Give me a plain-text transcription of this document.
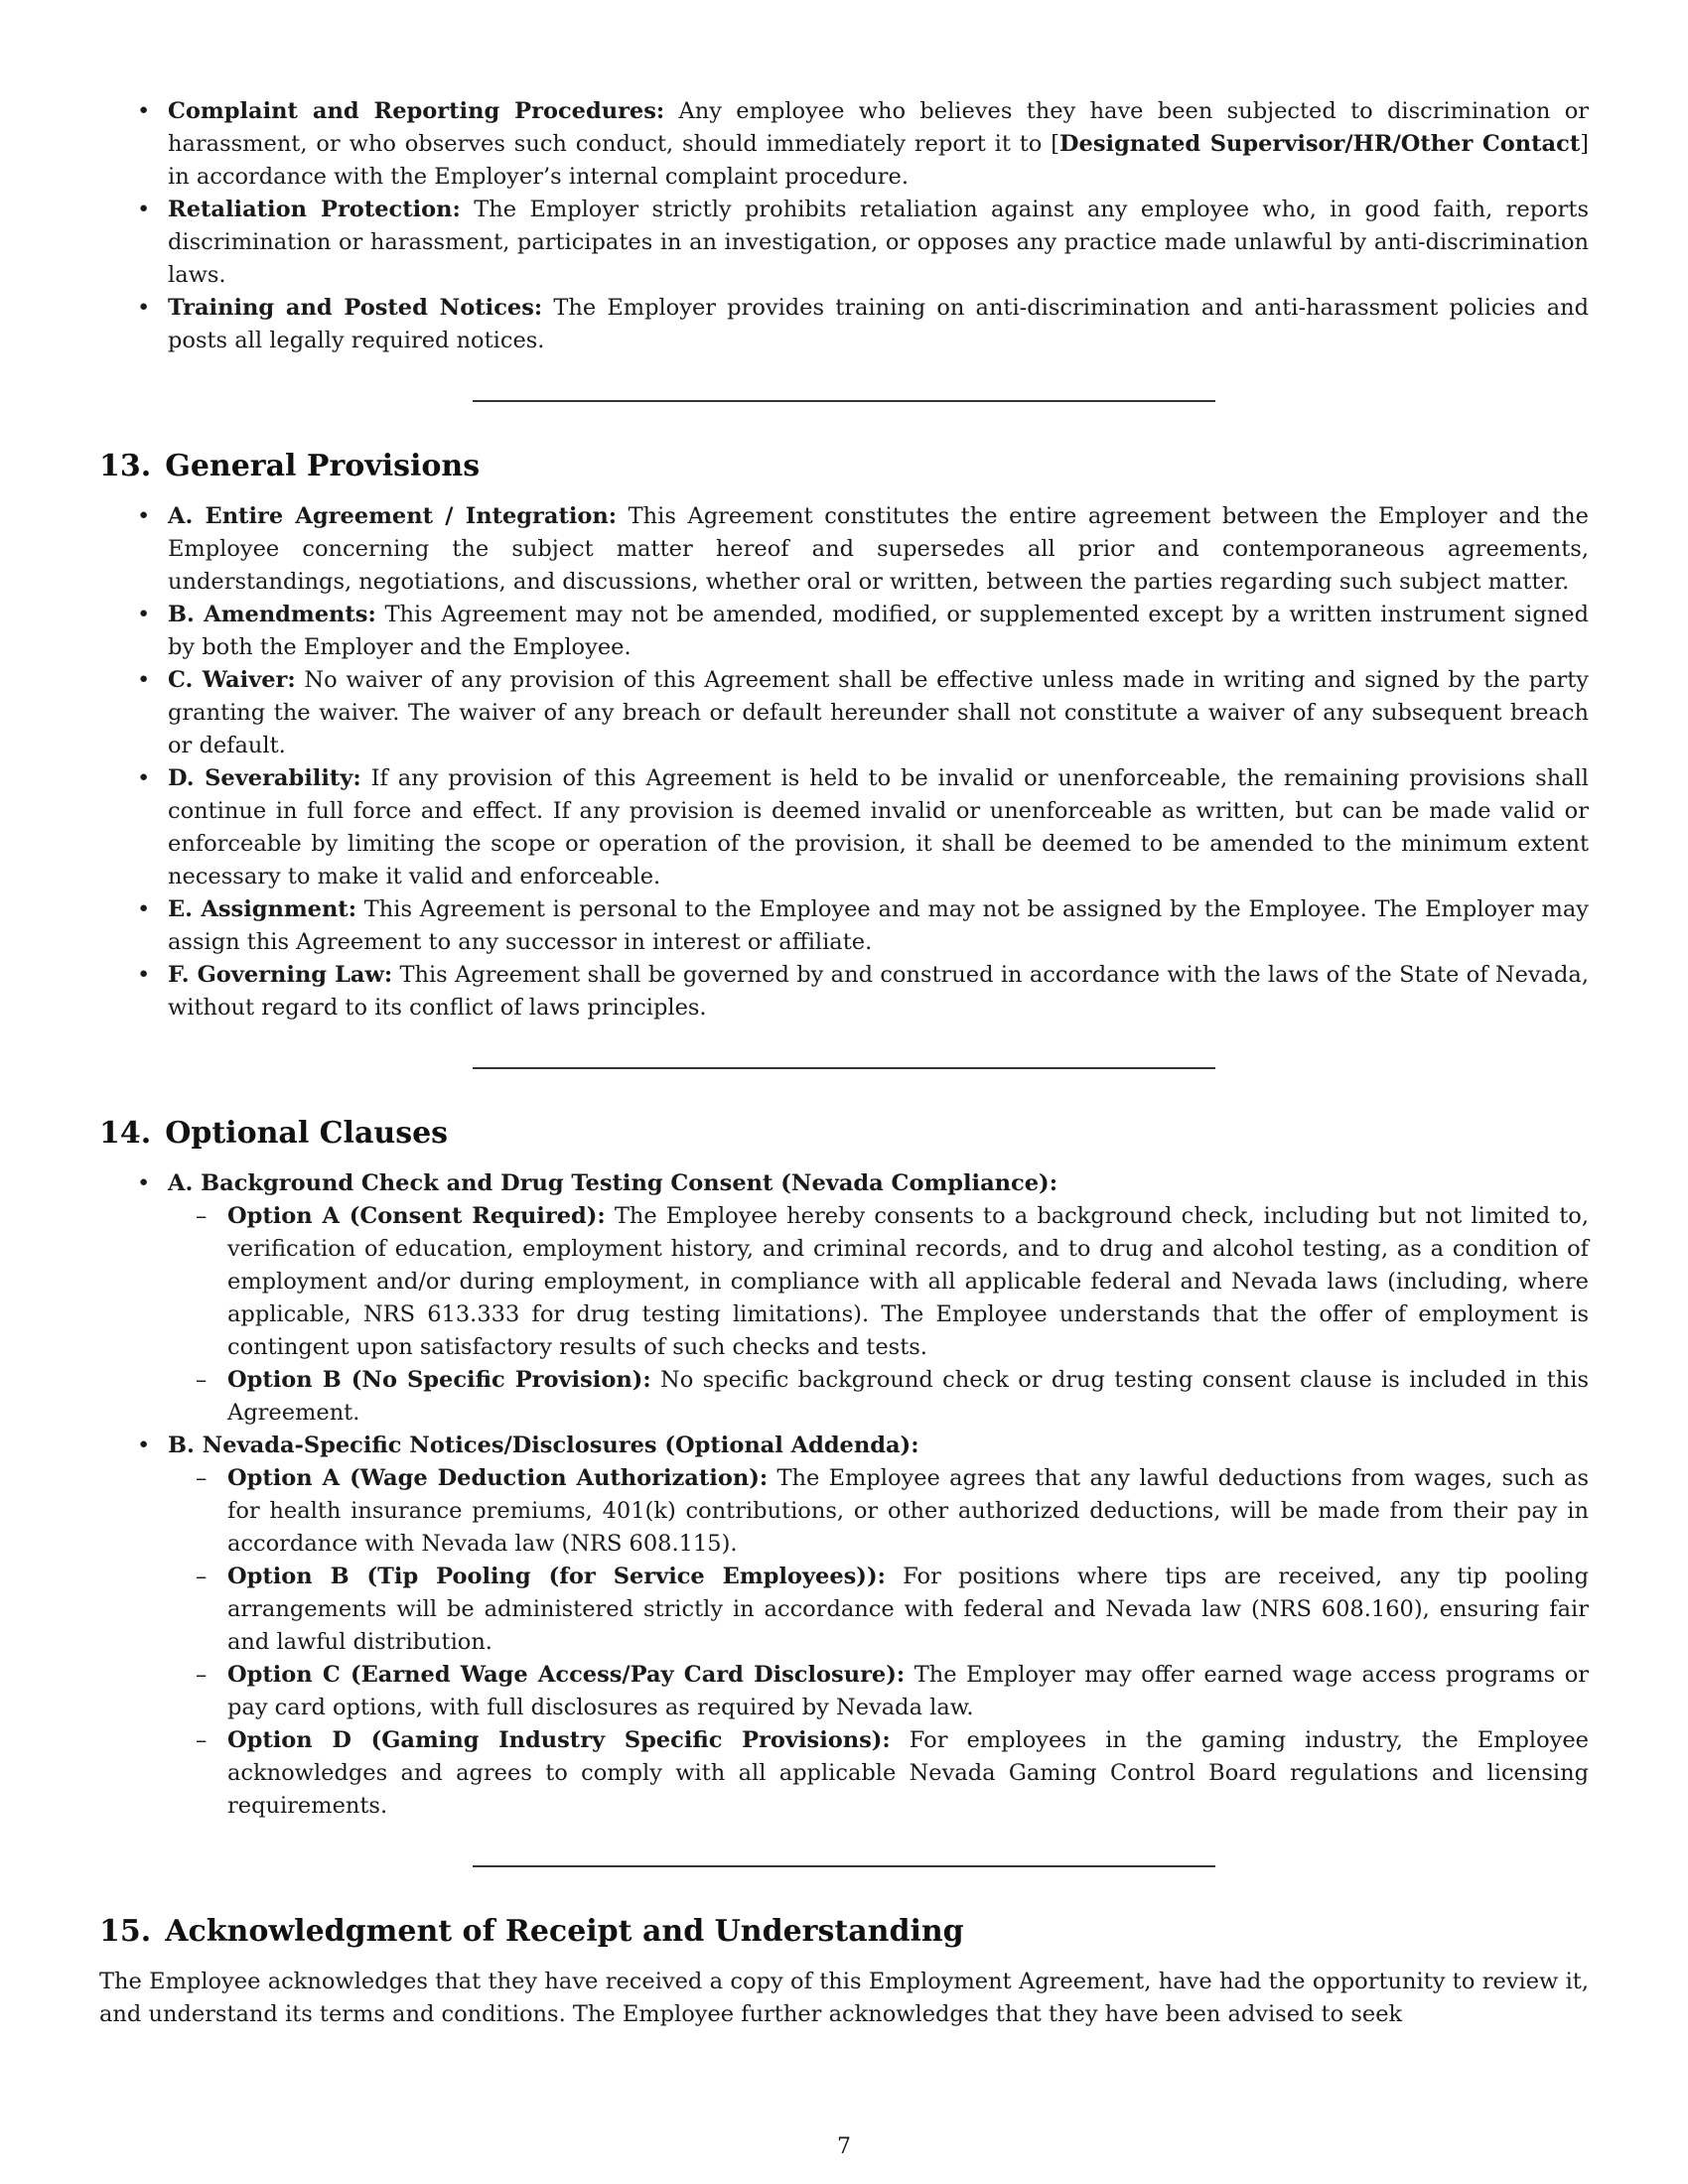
• Complaint and Reporting Procedures: Any employee who believes they have been subjected to discrimination or harassment, or who observes such conduct, should immediately report it to [Designated Supervisor/HR/Other Contact] in accordance with the Employer’s internal complaint procedure.
• Retaliation Protection: The Employer strictly prohibits retaliation against any employee who, in good faith, reports discrimination or harassment, participates in an investigation, or opposes any practice made unlawful by anti-discrimination laws.
• Training and Posted Notices: The Employer provides training on anti-discrimination and anti-harassment policies and posts all legally required notices.
13. General Provisions
• A. Entire Agreement / Integration: This Agreement constitutes the entire agreement between the Employer and the Employee concerning the subject matter hereof and supersedes all prior and contemporaneous agreements, understandings, negotiations, and discussions, whether oral or written, between the parties regarding such subject matter.
• B. Amendments: This Agreement may not be amended, modified, or supplemented except by a written instrument signed by both the Employer and the Employee.
• C. Waiver: No waiver of any provision of this Agreement shall be effective unless made in writing and signed by the party granting the waiver. The waiver of any breach or default hereunder shall not constitute a waiver of any subsequent breach or default.
• D. Severability: If any provision of this Agreement is held to be invalid or unenforceable, the remaining provisions shall continue in full force and effect. If any provision is deemed invalid or unenforceable as written, but can be made valid or enforceable by limiting the scope or operation of the provision, it shall be deemed to be amended to the minimum extent necessary to make it valid and enforceable.
• E. Assignment: This Agreement is personal to the Employee and may not be assigned by the Employee. The Employer may assign this Agreement to any successor in interest or affiliate.
• F. Governing Law: This Agreement shall be governed by and construed in accordance with the laws of the State of Nevada, without regard to its conflict of laws principles.
14. Optional Clauses
• A. Background Check and Drug Testing Consent (Nevada Compliance):
– Option A (Consent Required): The Employee hereby consents to a background check, including but not limited to, verification of education, employment history, and criminal records, and to drug and alcohol testing, as a condition of employment and/or during employment, in compliance with all applicable federal and Nevada laws (including, where applicable, NRS 613.333 for drug testing limitations). The Employee understands that the offer of employment is contingent upon satisfactory results of such checks and tests.
– Option B (No Specific Provision): No specific background check or drug testing consent clause is included in this Agreement.
• B. Nevada-Specific Notices/Disclosures (Optional Addenda):
– Option A (Wage Deduction Authorization): The Employee agrees that any lawful deductions from wages, such as for health insurance premiums, 401(k) contributions, or other authorized deductions, will be made from their pay in accordance with Nevada law (NRS 608.115).
– Option B (Tip Pooling (for Service Employees)): For positions where tips are received, any tip pooling arrangements will be administered strictly in accordance with federal and Nevada law (NRS 608.160), ensuring fair and lawful distribution.
– Option C (Earned Wage Access/Pay Card Disclosure): The Employer may offer earned wage access programs or pay card options, with full disclosures as required by Nevada law.
– Option D (Gaming Industry Specific Provisions): For employees in the gaming industry, the Employee acknowledges and agrees to comply with all applicable Nevada Gaming Control Board regulations and licensing requirements.
15. Acknowledgment of Receipt and Understanding

The Employee acknowledges that they have received a copy of this Employment Agreement, have had the opportunity to review it, and understand its terms and conditions. The Employee further acknowledges that they have been advised to seek

7
